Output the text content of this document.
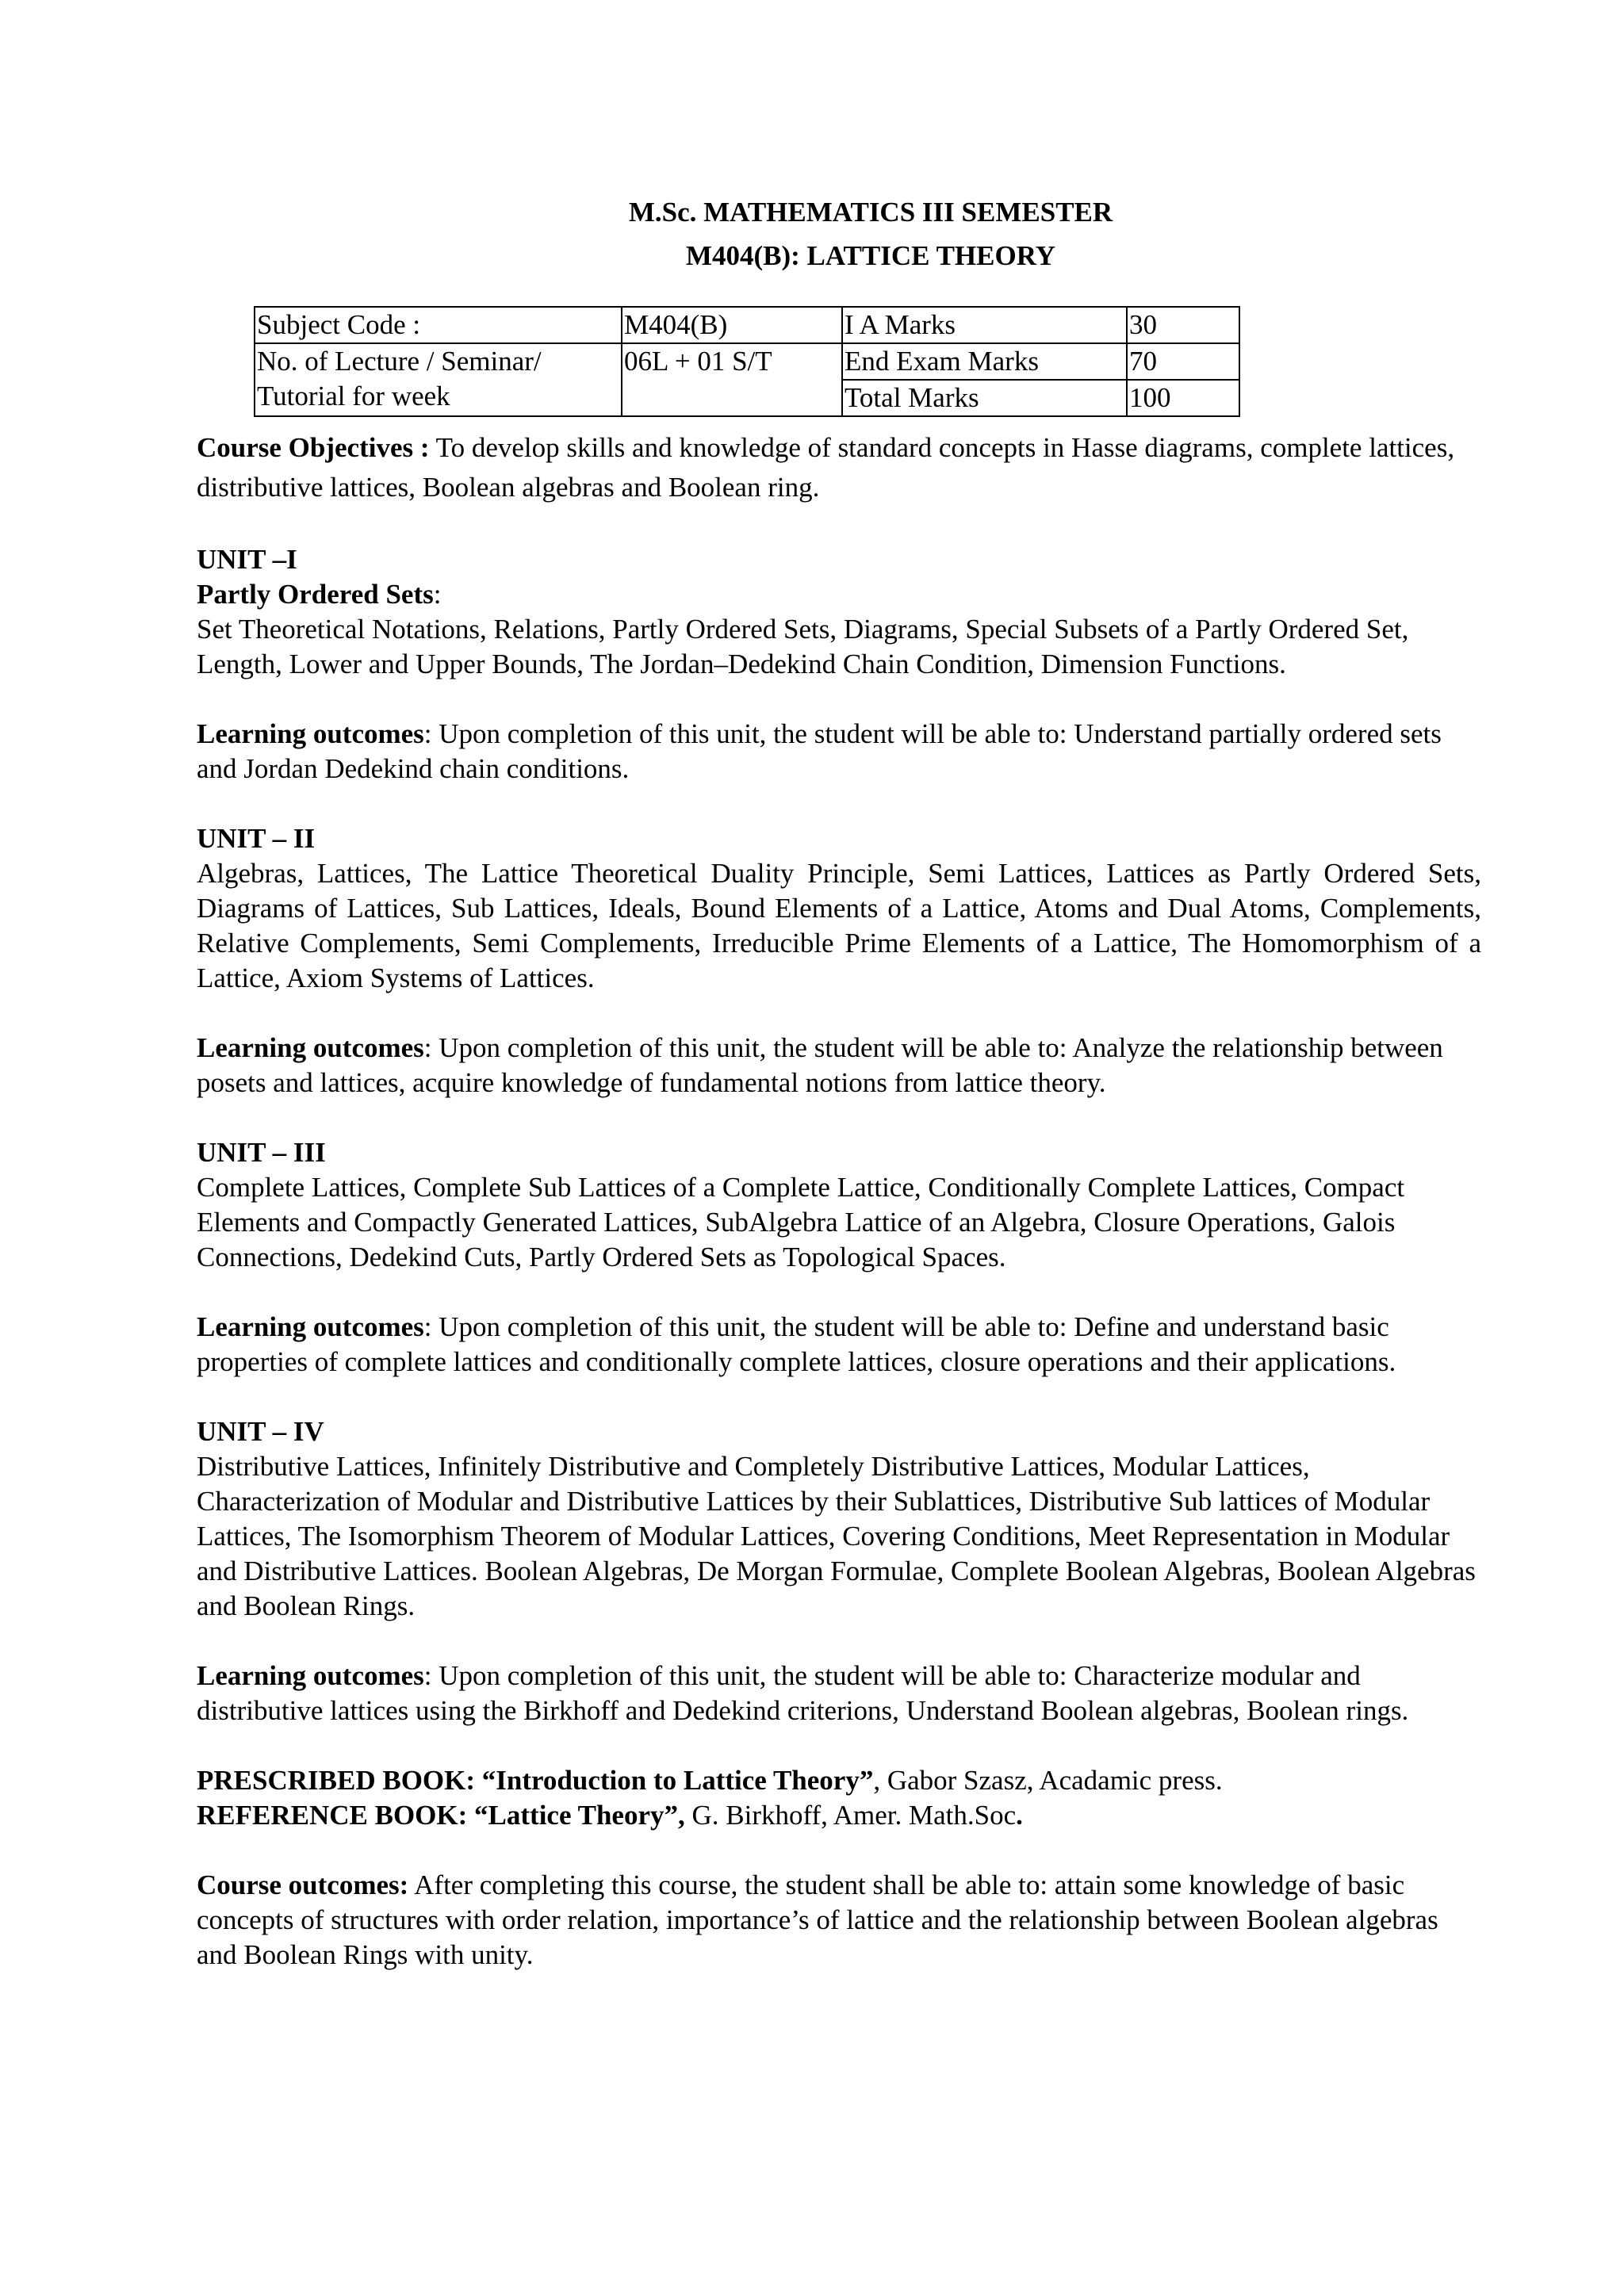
M.Sc. MATHEMATICS III SEMESTER
M404(B): LATTICE THEORY
Subject Code :	M404(B)	I A Marks	30
No. of Lecture / Seminar/ Tutorial for week	06L + 01 S/T	End Exam Marks	70
		Total Marks	100

Course Objectives : To develop skills and knowledge of standard concepts in Hasse diagrams, complete lattices, distributive lattices, Boolean algebras and Boolean ring.

UNIT –I

Partly Ordered Sets:

Set Theoretical Notations, Relations, Partly Ordered Sets, Diagrams, Special Subsets of a Partly Ordered Set, Length, Lower and Upper Bounds, The Jordan–Dedekind Chain Condition, Dimension Functions.

Learning outcomes: Upon completion of this unit, the student will be able to: Understand partially ordered sets and Jordan Dedekind chain conditions.

UNIT – II

Algebras, Lattices, The Lattice Theoretical Duality Principle, Semi Lattices, Lattices as Partly Ordered Sets, Diagrams of Lattices, Sub Lattices, Ideals, Bound Elements of a Lattice, Atoms and Dual Atoms, Complements, Relative Complements, Semi Complements, Irreducible Prime Elements of a Lattice, The Homomorphism of a Lattice, Axiom Systems of Lattices.

Learning outcomes: Upon completion of this unit, the student will be able to: Analyze the relationship between posets and lattices, acquire knowledge of fundamental notions from lattice theory.

UNIT – III

Complete Lattices, Complete Sub Lattices of a Complete Lattice, Conditionally Complete Lattices, Compact Elements and Compactly Generated Lattices, SubAlgebra Lattice of an Algebra, Closure Operations, Galois Connections, Dedekind Cuts, Partly Ordered Sets as Topological Spaces.

Learning outcomes: Upon completion of this unit, the student will be able to: Define and understand basic properties of complete lattices and conditionally complete lattices, closure operations and their applications.

UNIT – IV

Distributive Lattices, Infinitely Distributive and Completely Distributive Lattices, Modular Lattices, Characterization of Modular and Distributive Lattices by their Sublattices, Distributive Sub lattices of Modular Lattices, The Isomorphism Theorem of Modular Lattices, Covering Conditions, Meet Representation in Modular and Distributive Lattices. Boolean Algebras, De Morgan Formulae, Complete Boolean Algebras, Boolean Algebras and Boolean Rings.

Learning outcomes: Upon completion of this unit, the student will be able to: Characterize modular and distributive lattices using the Birkhoff and Dedekind criterions, Understand Boolean algebras, Boolean rings.

PRESCRIBED BOOK: “Introduction to Lattice Theory”, Gabor Szasz, Acadamic press.

REFERENCE BOOK: “Lattice Theory”, G. Birkhoff, Amer. Math.Soc.

Course outcomes: After completing this course, the student shall be able to: attain some knowledge of basic concepts of structures with order relation, importance’s of lattice and the relationship between Boolean algebras and Boolean Rings with unity.
